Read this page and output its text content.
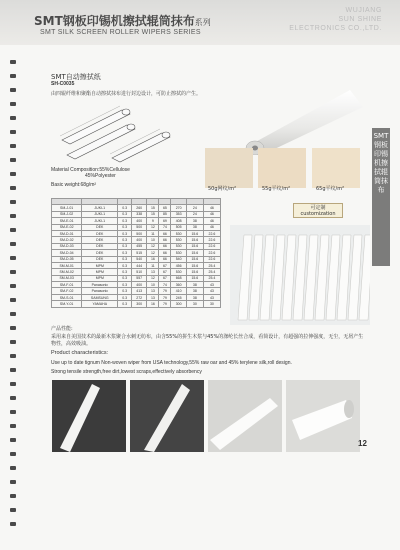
SMT钢板印锡机擦拭辊筒抹布系列
SMT SILK SCREEN ROLLER WIPERS SERIES
WUJIANG
SUN SHINE
ELECTRONICS CO.,LTD.
SMT钢板印锡机擦拭辊筒抹布
SMT自动擦拭纸
SH-C0035
由四辊纤维和聚酯自动擦拭抹布进行封边设计，可防止擦拭的产生。
Material Composition:55%Cellulose
45%Polyester
Basic weight:68g/m²
50g网纹/m²	55g平纹/m²	65g平纹/m²
可定制
customization

SM-J-01	JUKI-1	0.3	260	15	65	270	24	46
SM-J-02	JUKI-1	0.3	338	15	85	353	24	46
SM-E-01	JUKI-1	0.3	400	9	69	408	38	46
SM-E-02	DEK	0.3	500	12	74	505	38	46
SM-D-01	DEK	0.3	500	11	66	530	15.6	22.6
SM-D-02	DEK	0.3	400	10	66	530	15.6	22.6
SM-D-03	DEK	0.3	455	12	66	530	15.6	22.6
SM-D-04	DEK	0.3	515	12	66	530	15.6	22.6
SM-D-05	DEK	0.3	540	16	66	540	15.6	22.6
SM-M-01	MPM	0.3	444	11	67	456	15.6	25.4
SM-M-02	MPM	0.3	510	13	67	530	15.6	25.4
SM-M-03	MPM	0.3	557	12	67	668	15.6	25.4
SM-F-01	Panasonic	0.3	400	10	74	360	38	43
SM-F-02	Panasonic	0.3	413	13	79	410	38	43
SM-S-01	SAMSUNG	0.3	272	13	79	245	38	43
SM-Y-01	YAMAHA	0.3	300	16	79	300	30	30
产品性能:
采用来自美国技术的最新木浆聚合水刺无纺布，由含55%的拼生木浆与45%的涤纶长丝合成，看简设计，有超强的拉伸强度，无尘，无屑产生物性，高效吸油。
Product characteristics:
Use up to date tignum Non-woven wiper from USA technology,55% raw oar and 45% terylene silk,roll design.
Strong tensile strength,free dirt,lowest scraps,effectively absorbency
12
